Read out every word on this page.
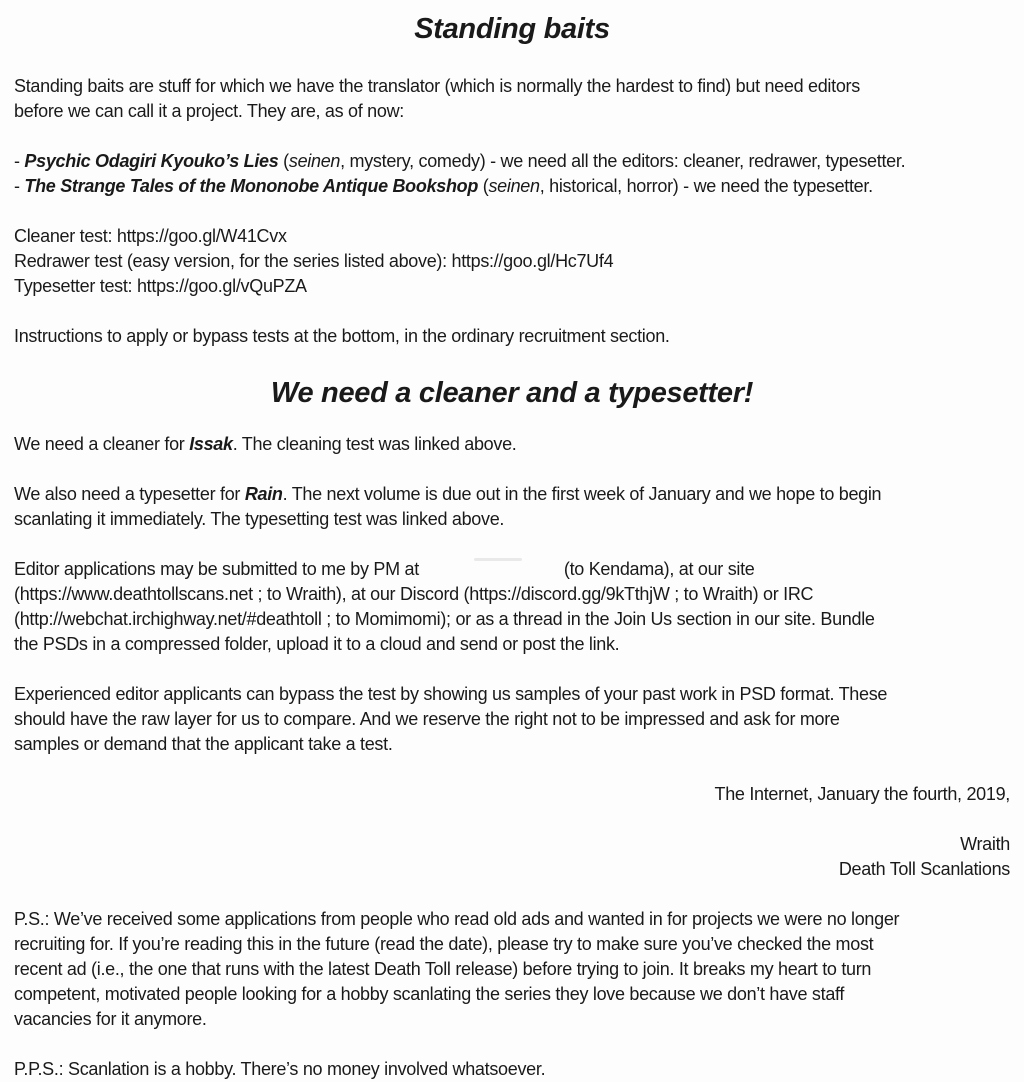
Standing baits

Standing baits are stuff for which we have the translator (which is normally the hardest to find) but need editors
before we can call it a project. They are, as of now:

- Psychic Odagiri Kyouko’s Lies (seinen, mystery, comedy) - we need all the editors: cleaner, redrawer, typesetter.
- The Strange Tales of the Mononobe Antique Bookshop (seinen, historical, horror) - we need the typesetter.

Cleaner test: https://goo.gl/W41Cvx
Redrawer test (easy version, for the series listed above): https://goo.gl/Hc7Uf4
Typesetter test: https://goo.gl/vQuPZA

Instructions to apply or bypass tests at the bottom, in the ordinary recruitment section.

We need a cleaner and a typesetter!

We need a cleaner for Issak. The cleaning test was linked above.

We also need a typesetter for Rain. The next volume is due out in the first week of January and we hope to begin
scanlating it immediately. The typesetting test was linked above.

Editor applications may be submitted to me by PM at	(to Kendama), at our site
(https://www.deathtollscans.net ; to Wraith), at our Discord (https://discord.gg/9kTthjW ; to Wraith) or IRC
(http://webchat.irchighway.net/#deathtoll ; to Momimomi); or as a thread in the Join Us section in our site. Bundle
the PSDs in a compressed folder, upload it to a cloud and send or post the link.

Experienced editor applicants can bypass the test by showing us samples of your past work in PSD format. These
should have the raw layer for us to compare. And we reserve the right not to be impressed and ask for more
samples or demand that the applicant take a test.

The Internet, January the fourth, 2019,

Wraith

Death Toll Scanlations

P.S.: We’ve received some applications from people who read old ads and wanted in for projects we were no longer
recruiting for. If you’re reading this in the future (read the date), please try to make sure you’ve checked the most
recent ad (i.e., the one that runs with the latest Death Toll release) before trying to join. It breaks my heart to turn
competent, motivated people looking for a hobby scanlating the series they love because we don’t have staff
vacancies for it anymore.

P.P.S.: Scanlation is a hobby. There’s no money involved whatsoever.
